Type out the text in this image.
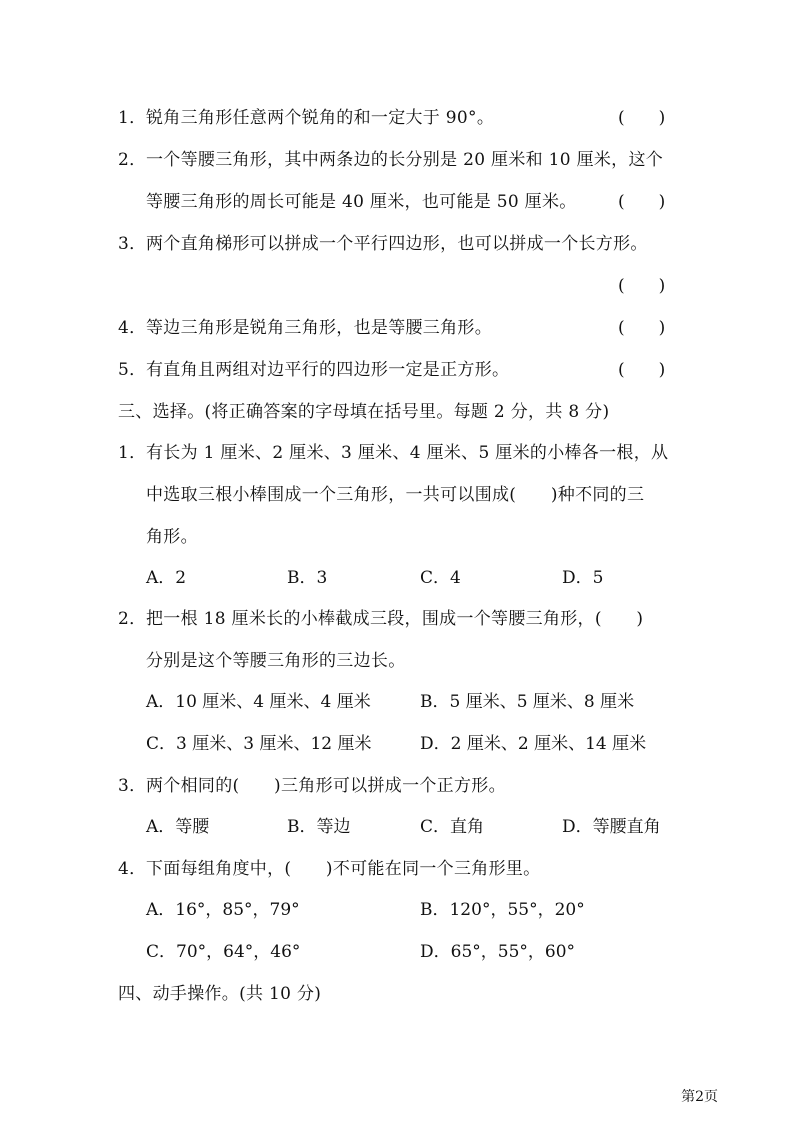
1．锐角三角形任意两个锐角的和一定大于 90°。	(　　)
2．一个等腰三角形，其中两条边的长分别是 20 厘米和 10 厘米，这个
等腰三角形的周长可能是 40 厘米，也可能是 50 厘米。 (　　)
3．两个直角梯形可以拼成一个平行四边形，也可以拼成一个长方形。
(　　)
4．等边三角形是锐角三角形，也是等腰三角形。	(　　)
5．有直角且两组对边平行的四边形一定是正方形。	(　　)
三、选择。(将正确答案的字母填在括号里。每题 2 分，共 8 分)
1．有长为 1 厘米、2 厘米、3 厘米、4 厘米、5 厘米的小棒各一根，从
中选取三根小棒围成一个三角形，一共可以围成(　　)种不同的三
角形。
A．2	B．3	C．4	D．5
2．把一根 18 厘米长的小棒截成三段，围成一个等腰三角形，(　　)
分别是这个等腰三角形的三边长。
A．10 厘米、4 厘米、4 厘米	B．5 厘米、5 厘米、8 厘米
C．3 厘米、3 厘米、12 厘米	D．2 厘米、2 厘米、14 厘米
3．两个相同的(　　)三角形可以拼成一个正方形。
A．等腰	B．等边	C．直角	D．等腰直角
4．下面每组角度中，(　　)不可能在同一个三角形里。
A．16°，85°，79°	B．120°，55°，20°
C．70°，64°，46°	D．65°，55°，60°
四、动手操作。(共 10 分)
第2页
